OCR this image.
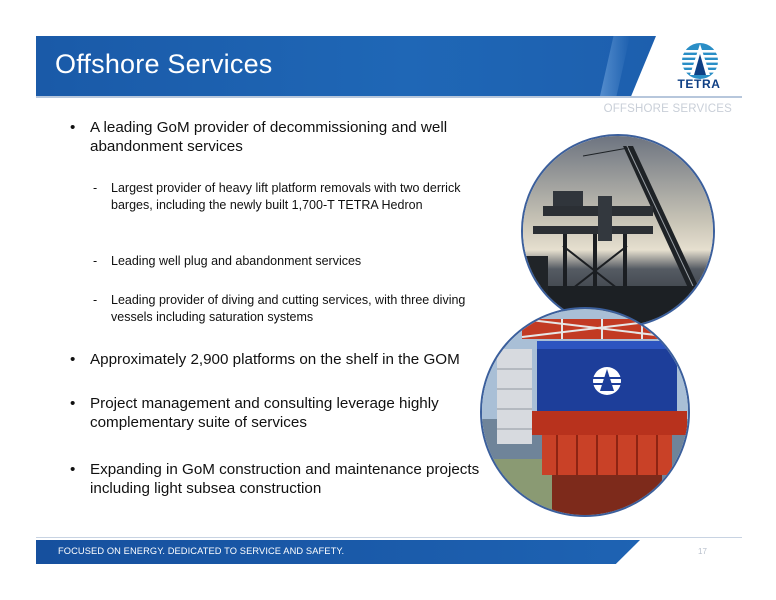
Offshore Services
TETRA
OFFSHORE SERVICES
• A leading GoM provider of decommissioning and well abandonment services
- Largest provider of heavy lift platform removals with two derrick barges, including the newly built 1,700-T TETRA Hedron
- Leading well plug and abandonment services
- Leading provider of diving and cutting services, with three diving vessels including saturation systems
• Approximately 2,900 platforms on the shelf in the GOM
• Project management and consulting leverage highly complementary suite of services
• Expanding in GoM construction and maintenance projects including light subsea construction
FOCUSED ON ENERGY. DEDICATED TO SERVICE AND SAFETY.	17
